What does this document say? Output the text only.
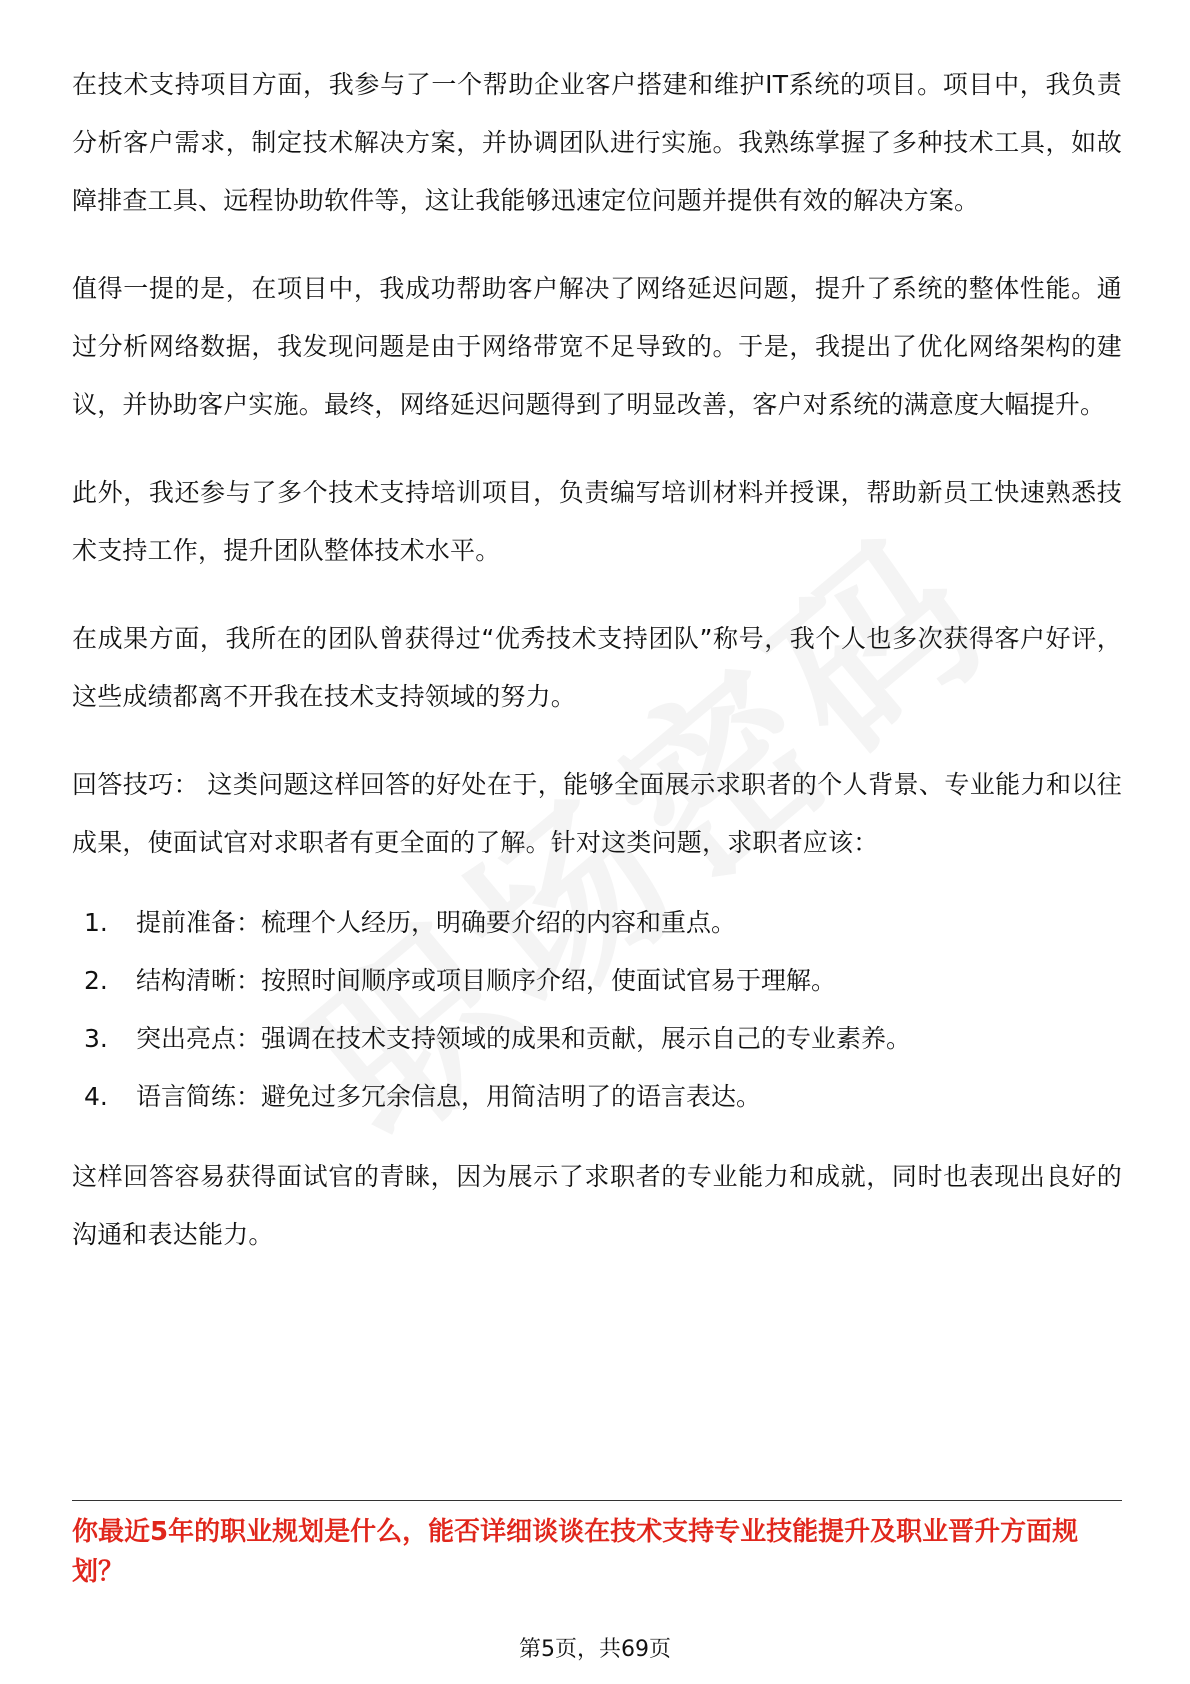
在技术支持项目方面，我参与了一个帮助企业客户搭建和维护IT系统的项目。项目中，我负责分析客户需求，制定技术解决方案，并协调团队进行实施。我熟练掌握了多种技术工具，如故障排查工具、远程协助软件等，这让我能够迅速定位问题并提供有效的解决方案。

值得一提的是，在项目中，我成功帮助客户解决了网络延迟问题，提升了系统的整体性能。通过分析网络数据，我发现问题是由于网络带宽不足导致的。于是，我提出了优化网络架构的建议，并协助客户实施。最终，网络延迟问题得到了明显改善，客户对系统的满意度大幅提升。

此外，我还参与了多个技术支持培训项目，负责编写培训材料并授课，帮助新员工快速熟悉技术支持工作，提升团队整体技术水平。

在成果方面，我所在的团队曾获得过“优秀技术支持团队”称号，我个人也多次获得客户好评，这些成绩都离不开我在技术支持领域的努力。

回答技巧： 这类问题这样回答的好处在于，能够全面展示求职者的个人背景、专业能力和以往成果，使面试官对求职者有更全面的了解。针对这类问题，求职者应该：

1.	提前准备：梳理个人经历，明确要介绍的内容和重点。
2.	结构清晰：按照时间顺序或项目顺序介绍，使面试官易于理解。
3.	突出亮点：强调在技术支持领域的成果和贡献，展示自己的专业素养。
4.	语言简练：避免过多冗余信息，用简洁明了的语言表达。

这样回答容易获得面试官的青睐，因为展示了求职者的专业能力和成就，同时也表现出良好的沟通和表达能力。

你最近5年的职业规划是什么，能否详细谈谈在技术支持专业技能提升及职业晋升方面规划？

第5页，共69页
